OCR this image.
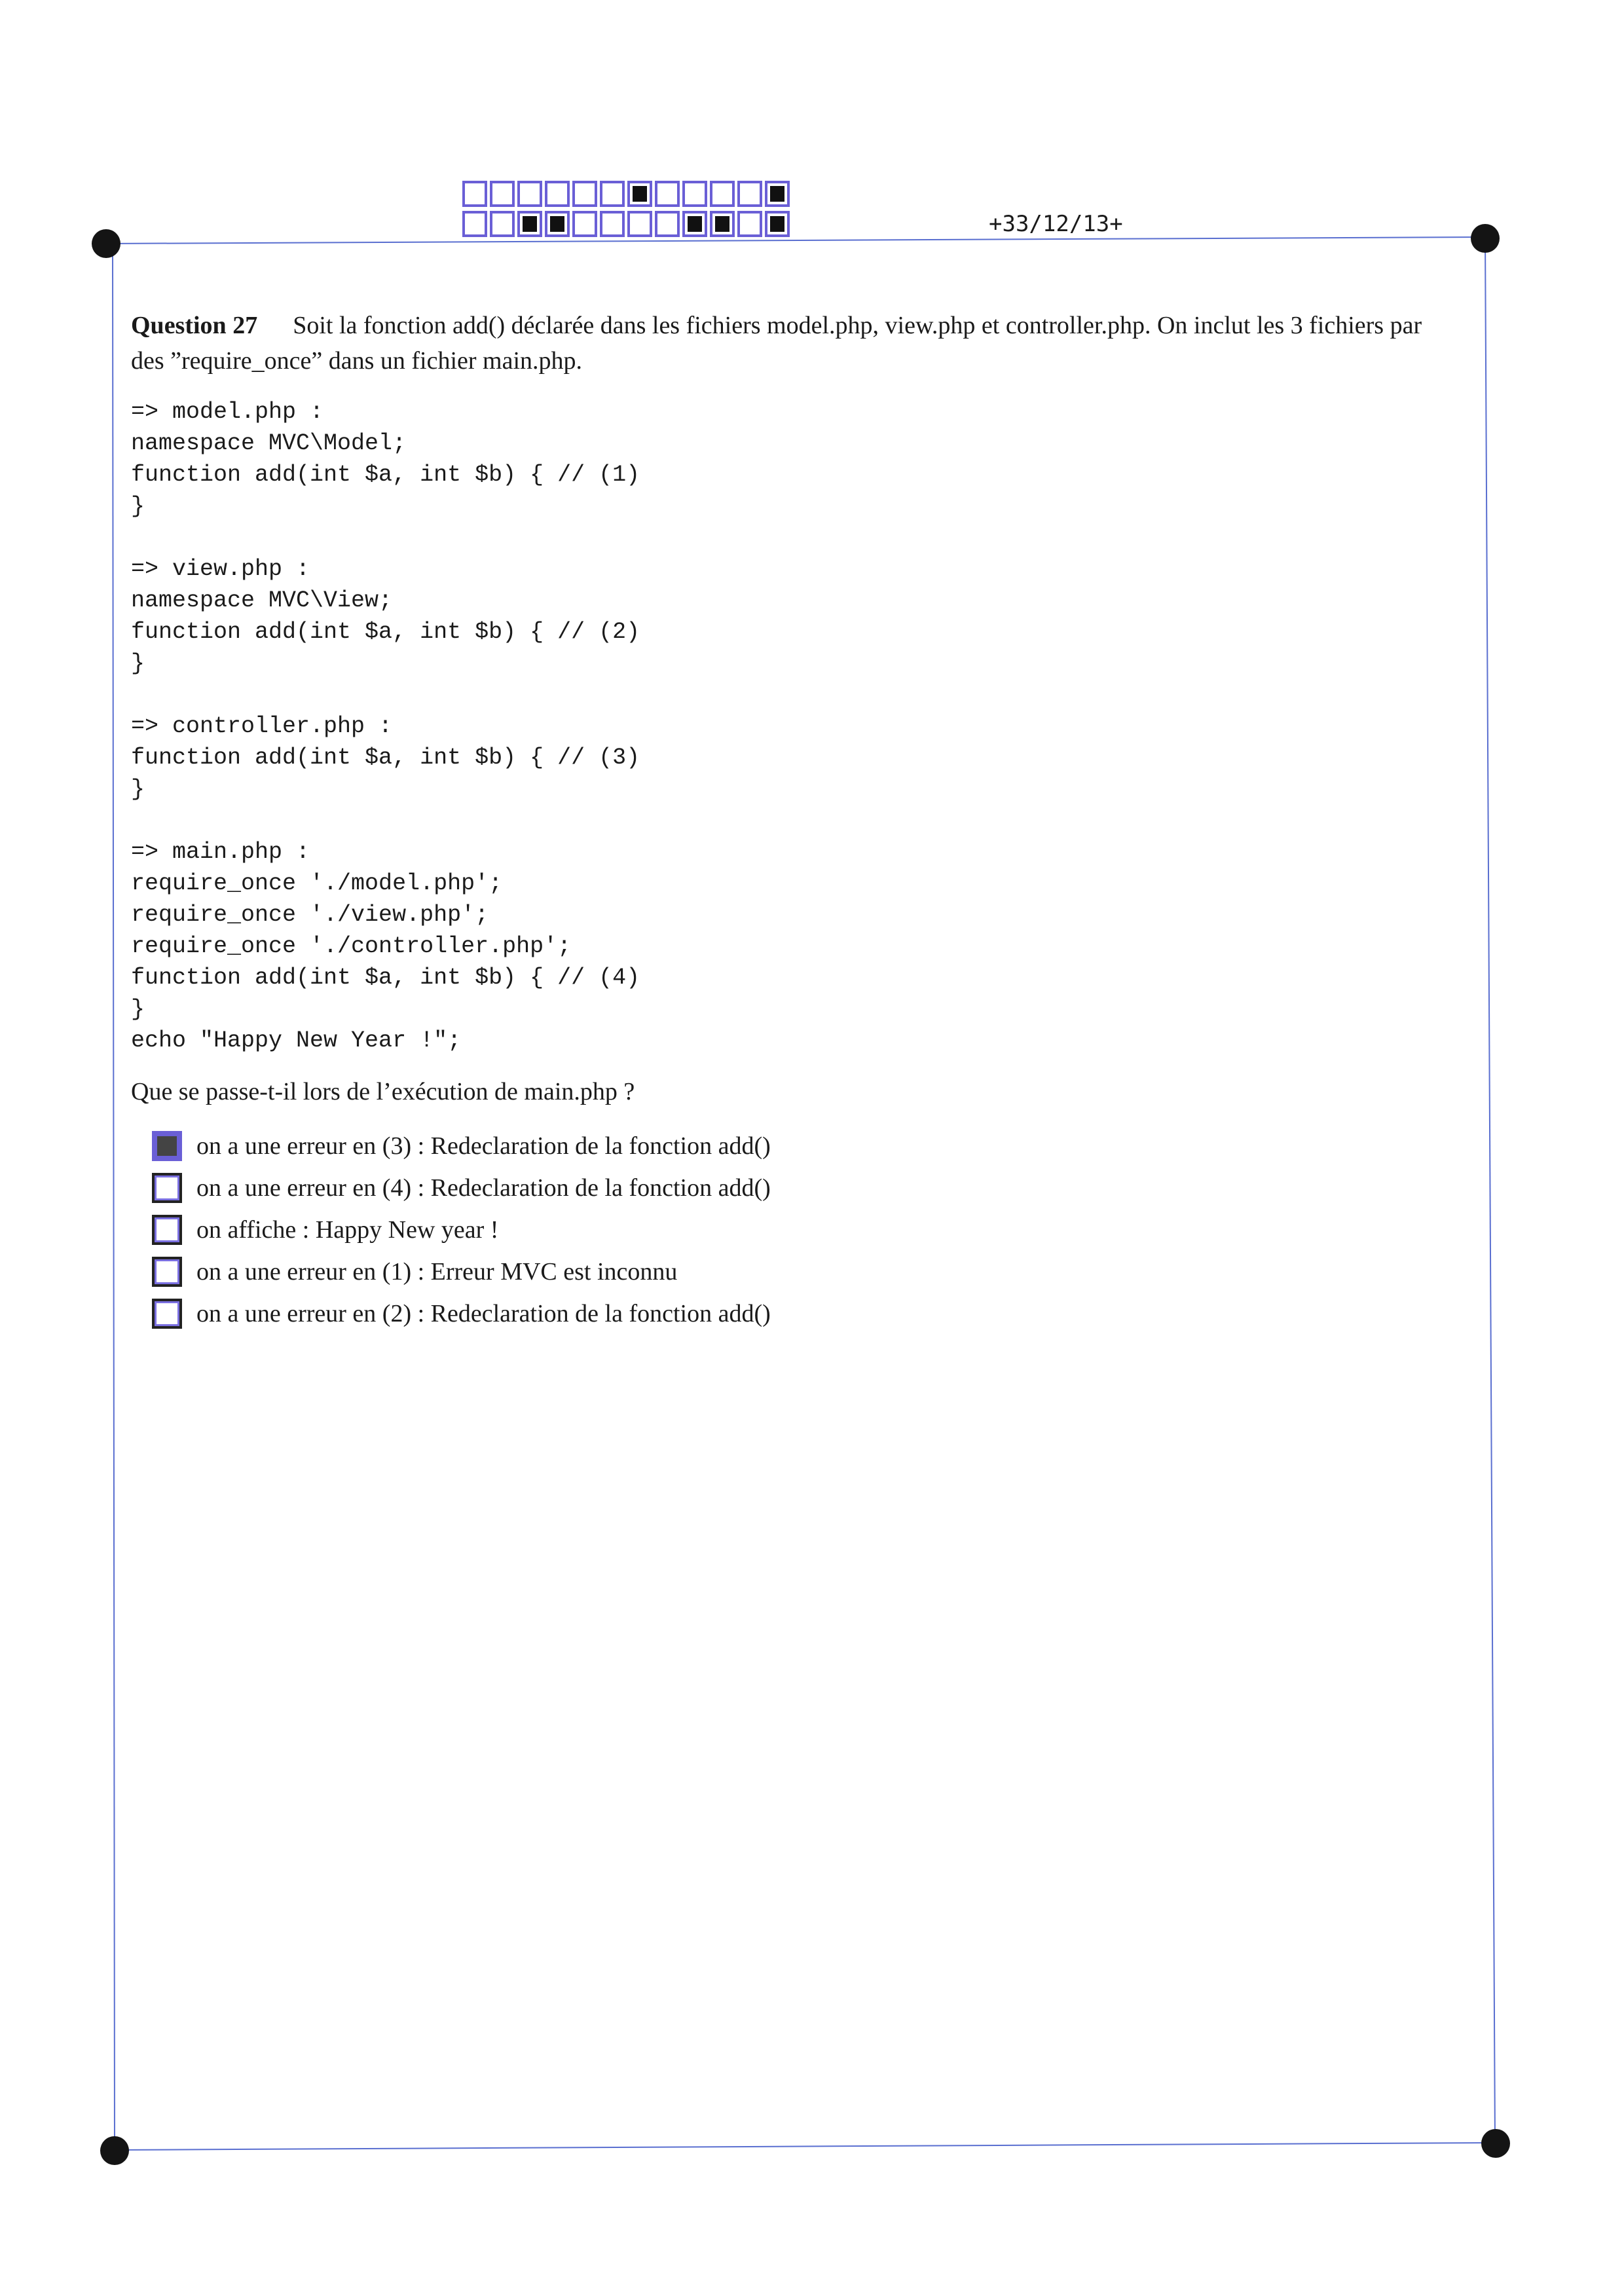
+33/12/13+
Question 27 Soit la fonction add() déclarée dans les fichiers model.php, view.php et controller.php. On inclut les 3 fichiers par des ”require_once” dans un fichier main.php.
=> model.php :
namespace MVC\Model;
function add(int $a, int $b) { // (1)
}
=> view.php :
namespace MVC\View;
function add(int $a, int $b) { // (2)
}
=> controller.php :
function add(int $a, int $b) { // (3)
}
=> main.php :
require_once './model.php';
require_once './view.php';
require_once './controller.php';
function add(int $a, int $b) { // (4)
}
echo "Happy New Year !";
Que se passe-t-il lors de l’exécution de main.php ?
on a une erreur en (3) : Redeclaration de la fonction add()
on a une erreur en (4) : Redeclaration de la fonction add()
on affiche : Happy New year !
on a une erreur en (1) : Erreur MVC est inconnu
on a une erreur en (2) : Redeclaration de la fonction add()
